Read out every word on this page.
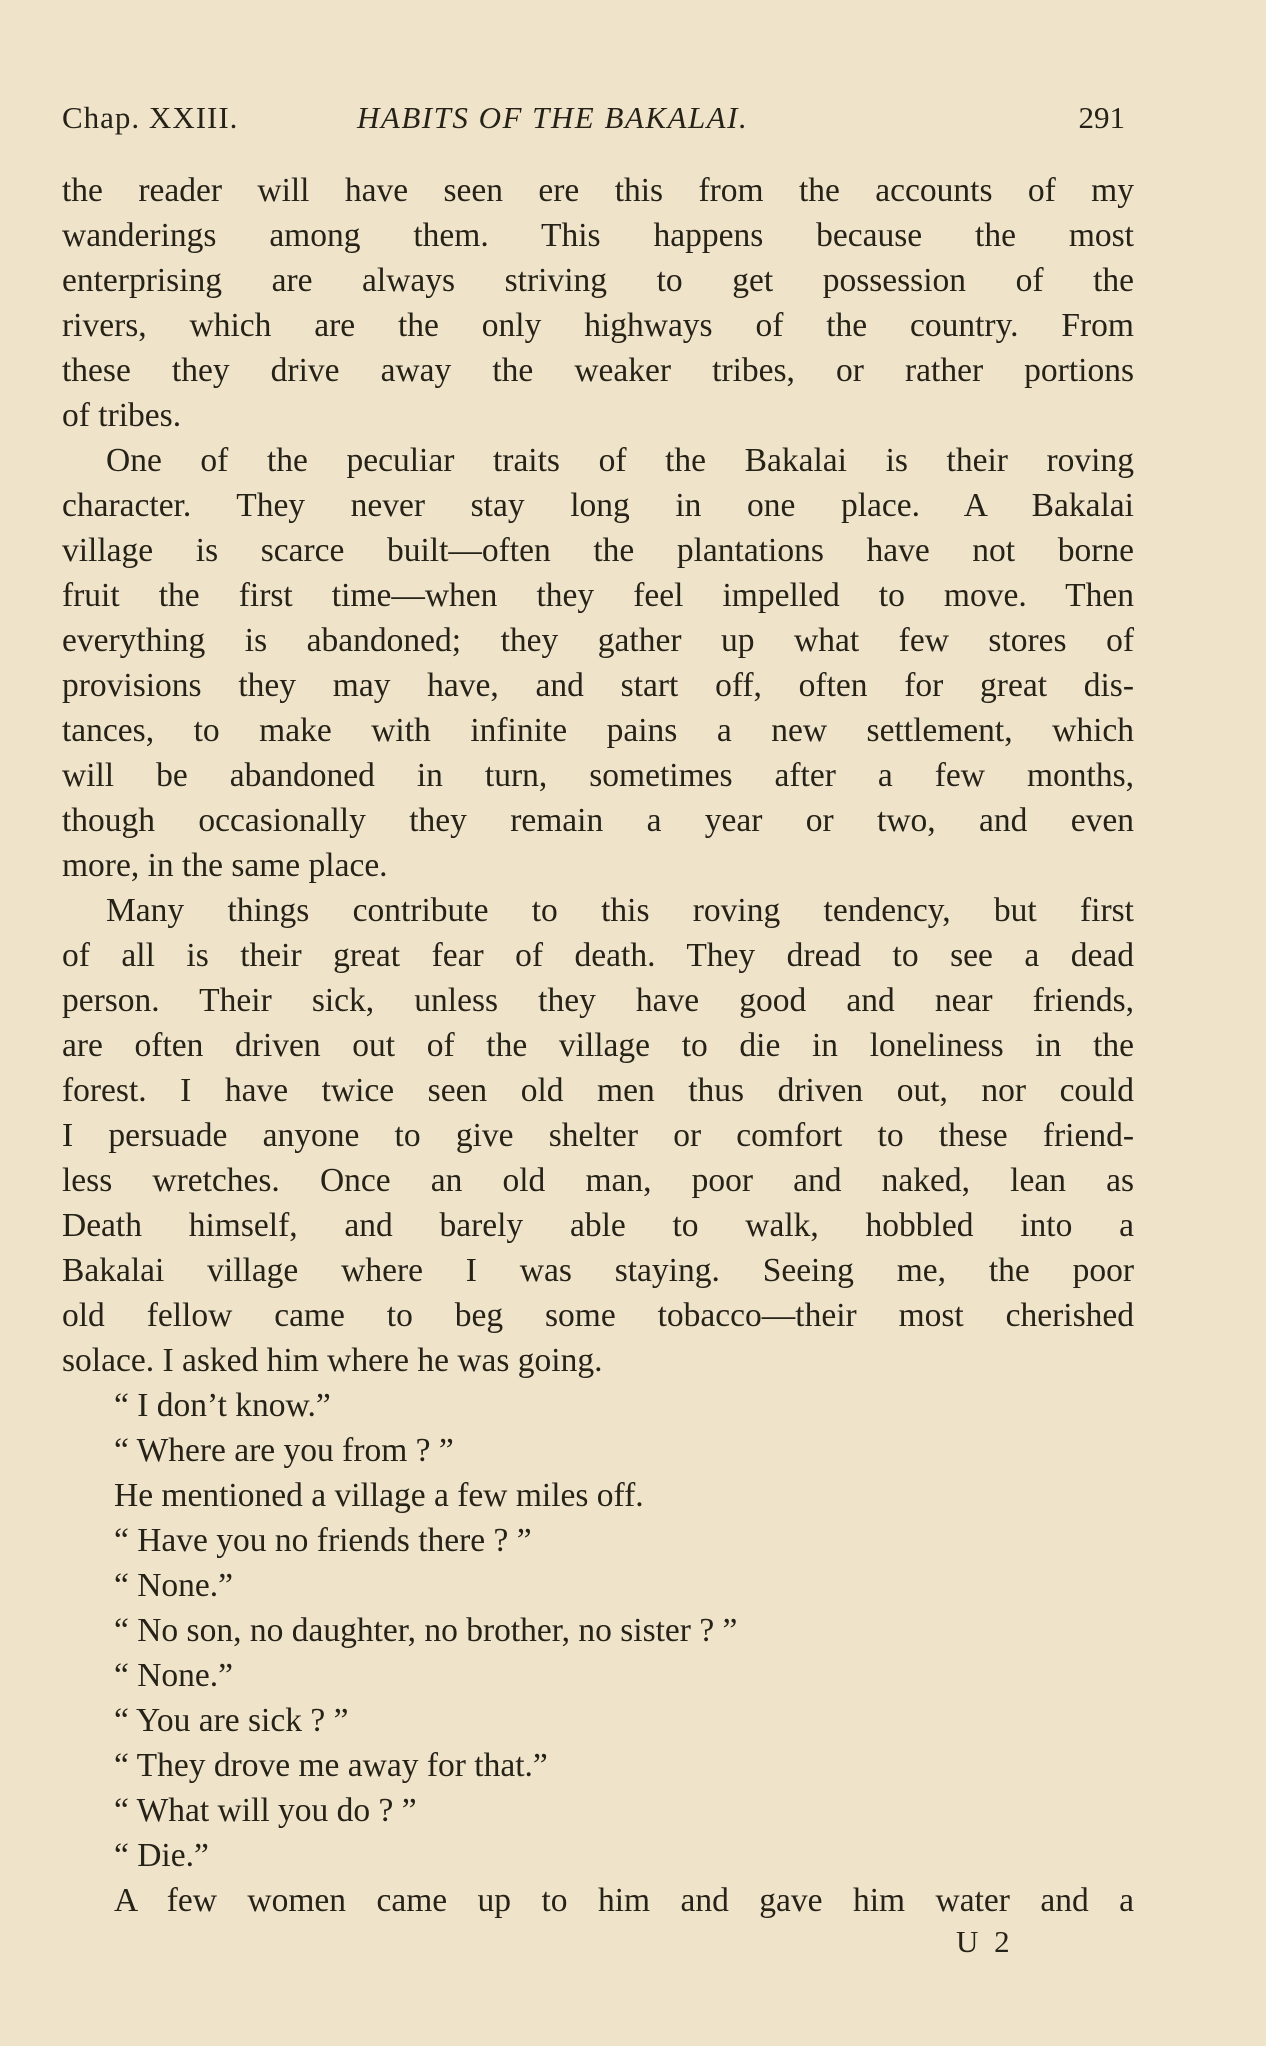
Chap. XXIII.	HABITS OF THE BAKALAI.	291
the reader will have seen ere this from the accounts of my
wanderings among them. This happens because the most
enterprising are always striving to get possession of the
rivers, which are the only highways of the country. From
these they drive away the weaker tribes, or rather portions
of tribes.
One of the peculiar traits of the Bakalai is their roving
character. They never stay long in one place. A Bakalai
village is scarce built—often the plantations have not borne
fruit the first time—when they feel impelled to move. Then
everything is abandoned; they gather up what few stores of
provisions they may have, and start off, often for great dis-
tances, to make with infinite pains a new settlement, which
will be abandoned in turn, sometimes after a few months,
though occasionally they remain a year or two, and even
more, in the same place.
Many things contribute to this roving tendency, but first
of all is their great fear of death. They dread to see a dead
person. Their sick, unless they have good and near friends,
are often driven out of the village to die in loneliness in the
forest. I have twice seen old men thus driven out, nor could
I persuade anyone to give shelter or comfort to these friend-
less wretches. Once an old man, poor and naked, lean as
Death himself, and barely able to walk, hobbled into a
Bakalai village where I was staying. Seeing me, the poor
old fellow came to beg some tobacco—their most cherished
solace. I asked him where he was going.
“ I don’t know.”
“ Where are you from ? ”
He mentioned a village a few miles off.
“ Have you no friends there ? ”
“ None.”
“ No son, no daughter, no brother, no sister ? ”
“ None.”
“ You are sick ? ”
“ They drove me away for that.”
“ What will you do ? ”
“ Die.”
A few women came up to him and gave him water and a
U 2
